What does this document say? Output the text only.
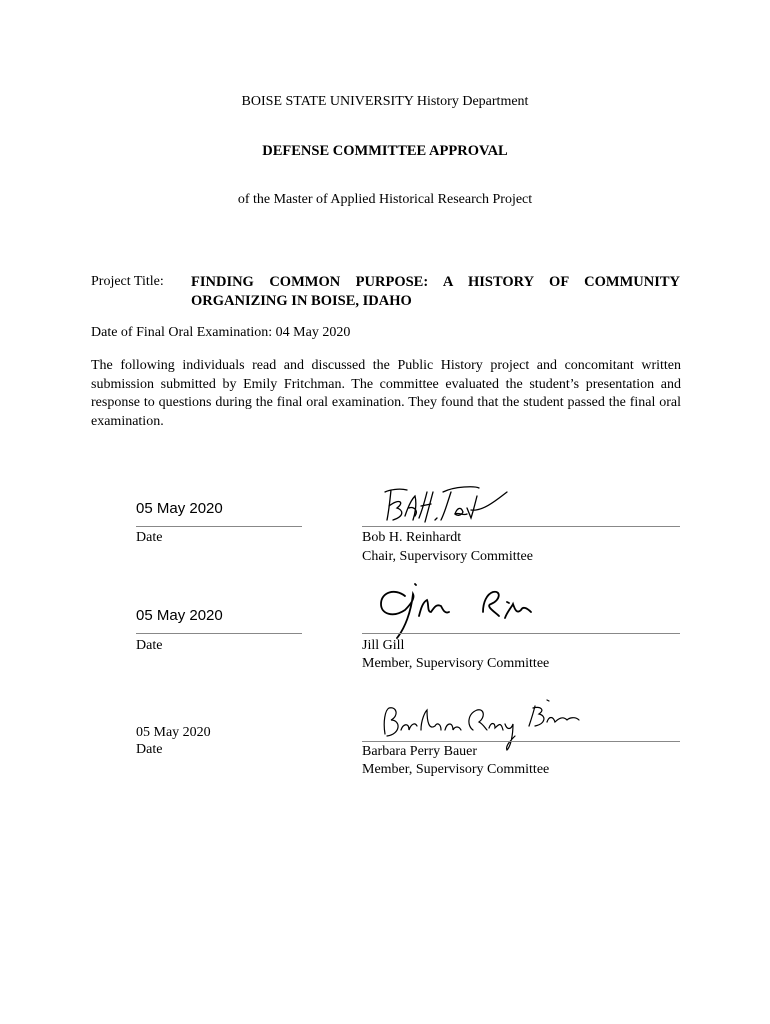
BOISE STATE UNIVERSITY History Department
DEFENSE COMMITTEE APPROVAL
of the Master of Applied Historical Research Project
Project Title: FINDING COMMON PURPOSE: A HISTORY OF COMMUNITY
ORGANIZING IN BOISE, IDAHO
Date of Final Oral Examination: 04 May 2020
The following individuals read and discussed the Public History project and concomitant written submission submitted by Emily Fritchman. The committee evaluated the student’s presentation and response to questions during the final oral examination. They found that the student passed the final oral examination.
05 May 2020
Date	Bob H. Reinhardt
Chair, Supervisory Committee
05 May 2020
Date	Jill Gill
Member, Supervisory Committee
05 May 2020
Date	Barbara Perry Bauer
Member, Supervisory Committee
